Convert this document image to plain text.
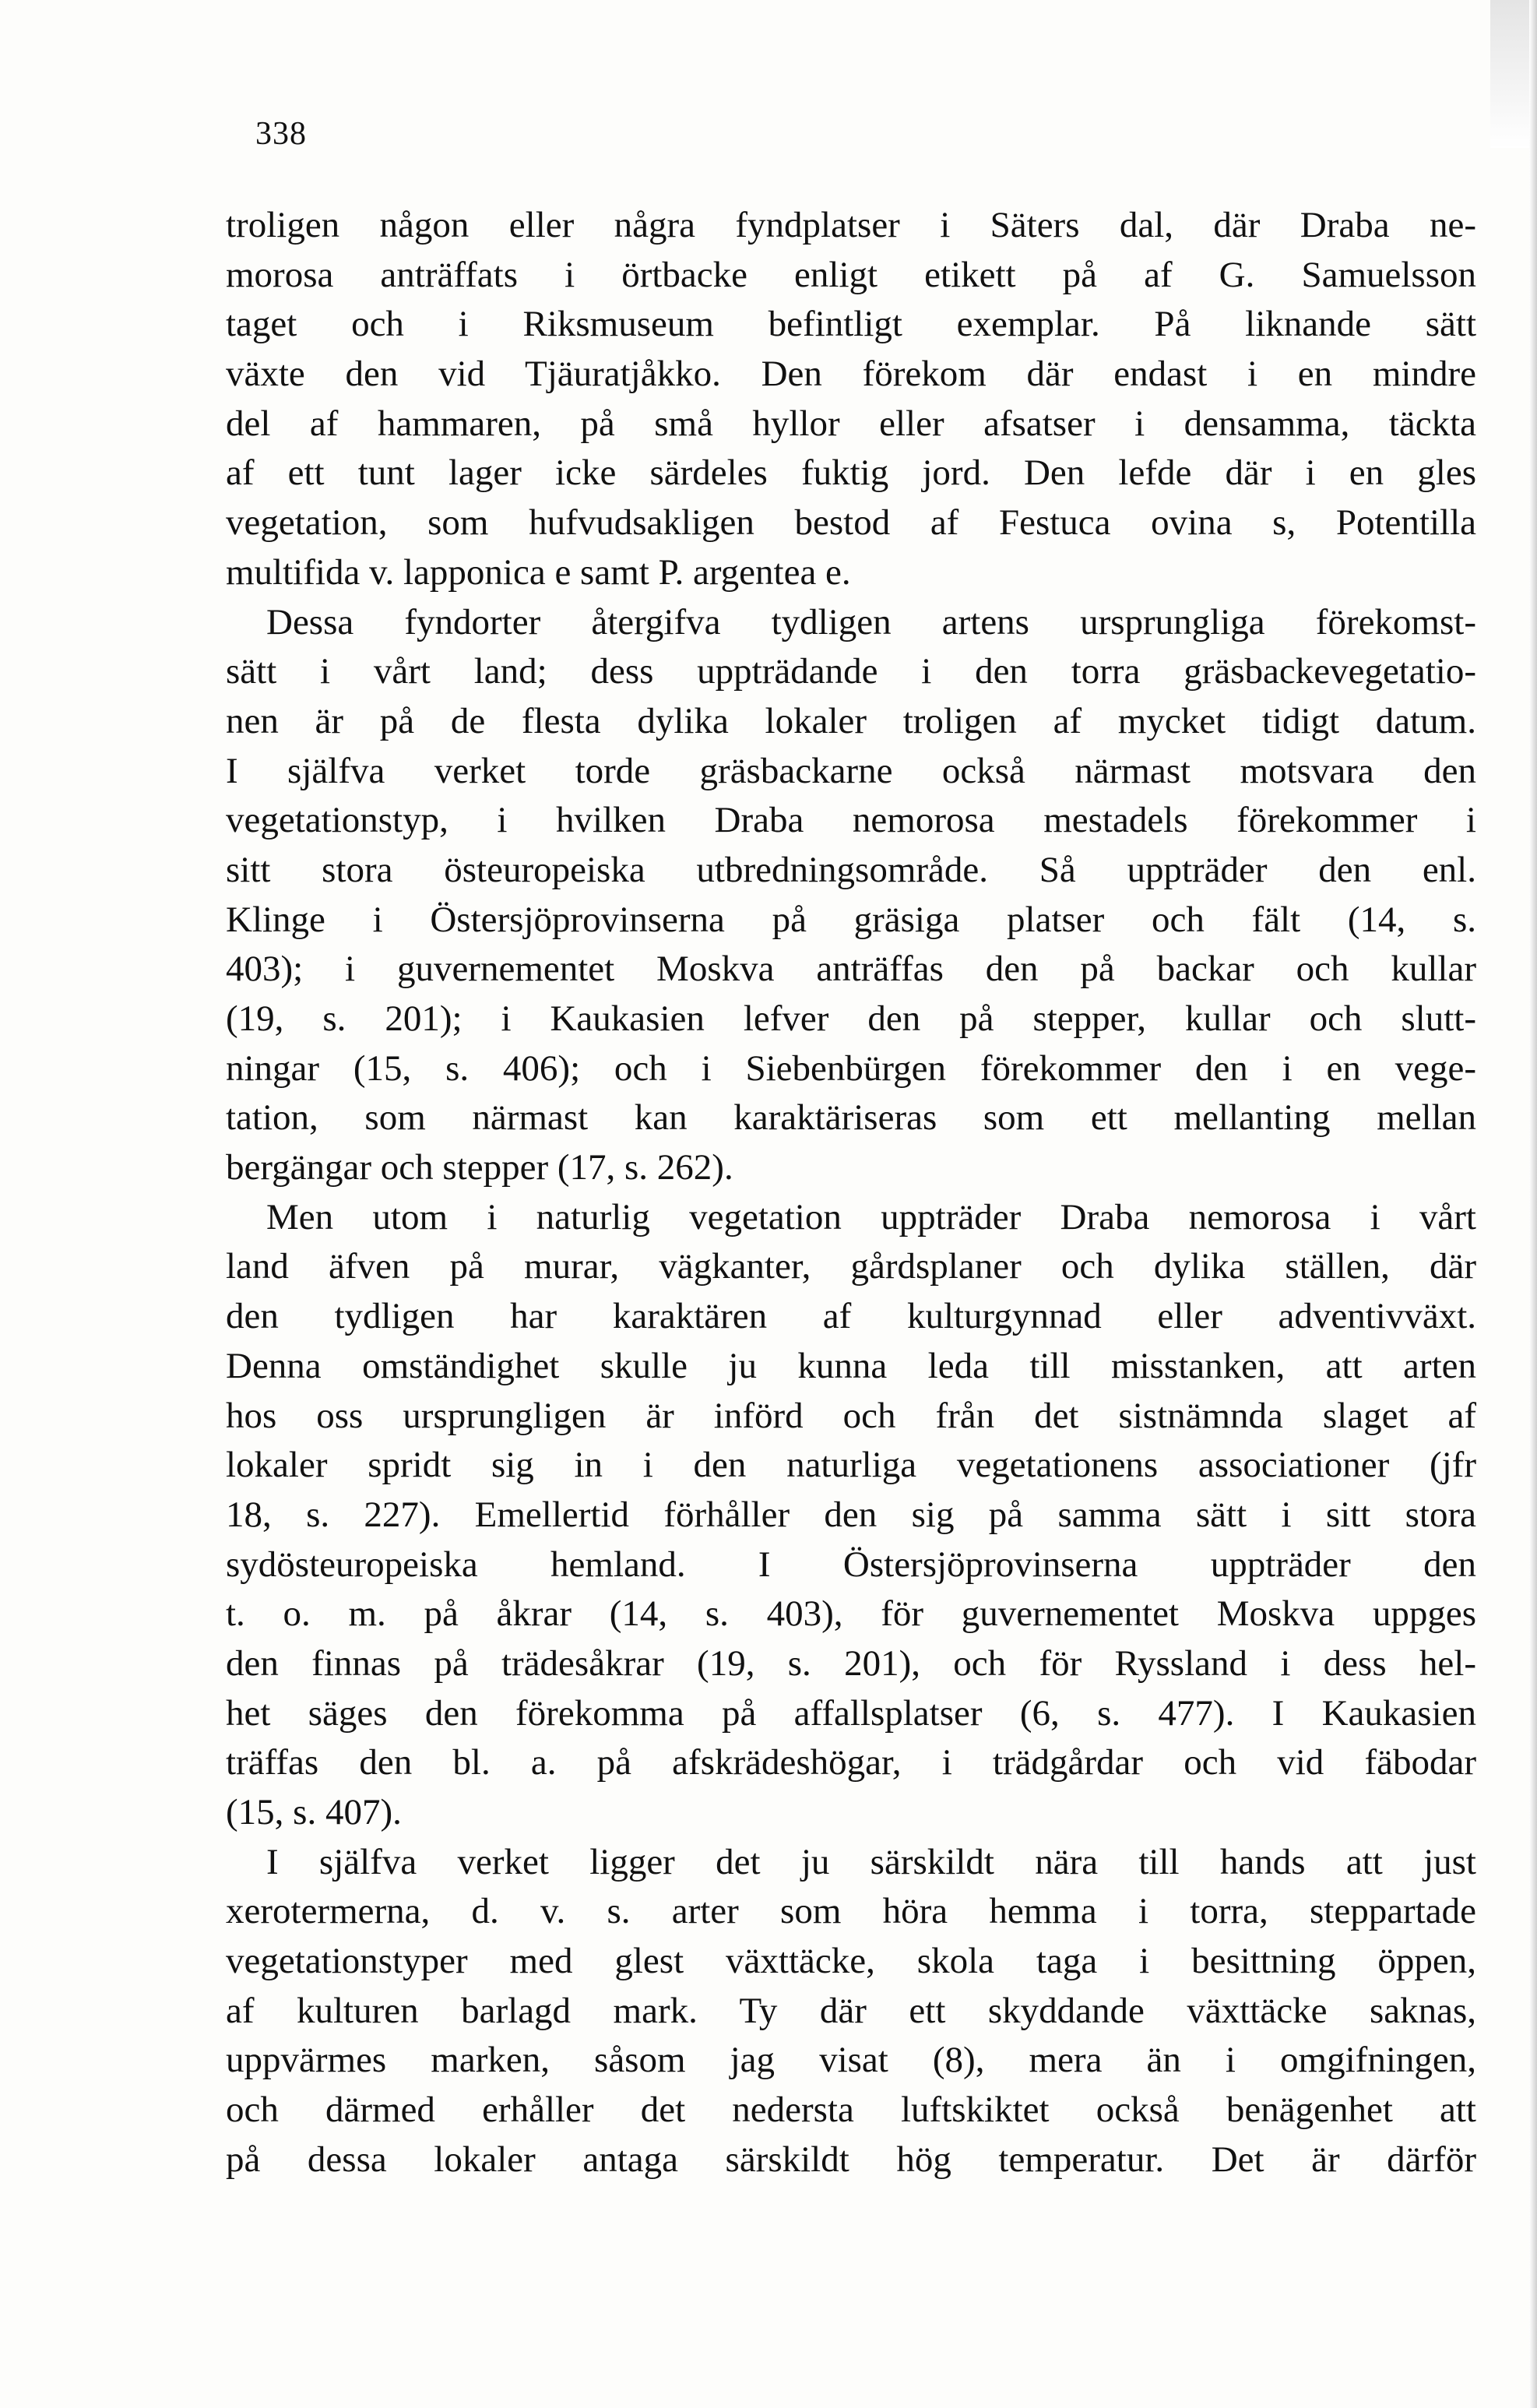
338
troligen någon eller några fyndplatser i Säters dal, där Draba ne-
morosa anträffats i örtbacke enligt etikett på af G. Samuelsson
taget och i Riksmuseum befintligt exemplar. På liknande sätt
växte den vid Tjäuratjåkko. Den förekom där endast i en mindre
del af hammaren, på små hyllor eller afsatser i densamma, täckta
af ett tunt lager icke särdeles fuktig jord. Den lefde där i en gles
vegetation, som hufvudsakligen bestod af Festuca ovina s, Potentilla
multifida v. lapponica e samt P. argentea e.
Dessa fyndorter återgifva tydligen artens ursprungliga förekomst-
sätt i vårt land; dess uppträdande i den torra gräsbackevegetatio-
nen är på de flesta dylika lokaler troligen af mycket tidigt datum.
I själfva verket torde gräsbackarne också närmast motsvara den
vegetationstyp, i hvilken Draba nemorosa mestadels förekommer i
sitt stora östeuropeiska utbredningsområde. Så uppträder den enl.
Klinge i Östersjöprovinserna på gräsiga platser och fält (14, s.
403); i guvernementet Moskva anträffas den på backar och kullar
(19, s. 201); i Kaukasien lefver den på stepper, kullar och slutt-
ningar (15, s. 406); och i Siebenbürgen förekommer den i en vege-
tation, som närmast kan karaktäriseras som ett mellanting mellan
bergängar och stepper (17, s. 262).
Men utom i naturlig vegetation uppträder Draba nemorosa i vårt
land äfven på murar, vägkanter, gårdsplaner och dylika ställen, där
den tydligen har karaktären af kulturgynnad eller adventivväxt.
Denna omständighet skulle ju kunna leda till misstanken, att arten
hos oss ursprungligen är införd och från det sistnämnda slaget af
lokaler spridt sig in i den naturliga vegetationens associationer (jfr
18, s. 227). Emellertid förhåller den sig på samma sätt i sitt stora
sydösteuropeiska hemland. I Östersjöprovinserna uppträder den
t. o. m. på åkrar (14, s. 403), för guvernementet Moskva uppges
den finnas på trädesåkrar (19, s. 201), och för Ryssland i dess hel-
het säges den förekomma på affallsplatser (6, s. 477). I Kaukasien
träffas den bl. a. på afskrädeshögar, i trädgårdar och vid fäbodar
(15, s. 407).
I själfva verket ligger det ju särskildt nära till hands att just
xerotermerna, d. v. s. arter som höra hemma i torra, steppartade
vegetationstyper med glest växttäcke, skola taga i besittning öppen,
af kulturen barlagd mark. Ty där ett skyddande växttäcke saknas,
uppvärmes marken, såsom jag visat (8), mera än i omgifningen,
och därmed erhåller det nedersta luftskiktet också benägenhet att
på dessa lokaler antaga särskildt hög temperatur. Det är därför
